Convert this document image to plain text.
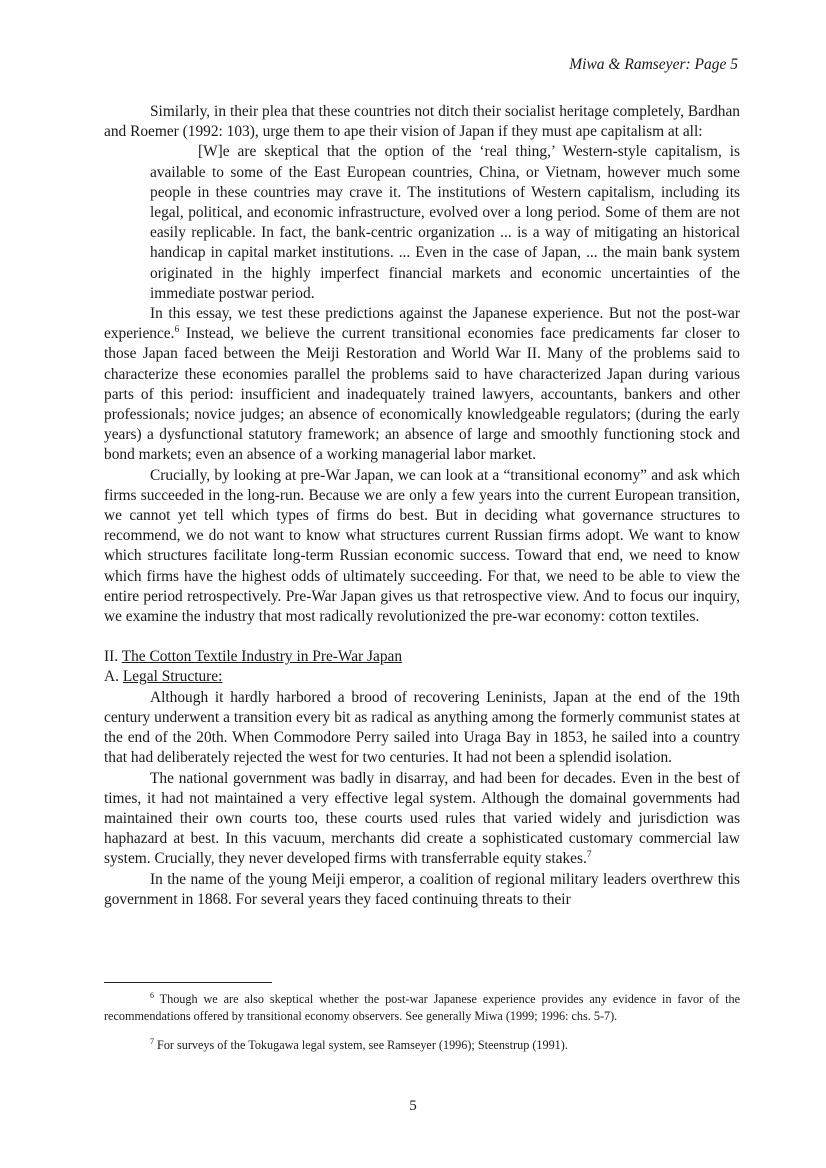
Miwa & Ramseyer: Page 5

Similarly, in their plea that these countries not ditch their socialist heritage completely, Bardhan and Roemer (1992: 103), urge them to ape their vision of Japan if they must ape capitalism at all:

[W]e are skeptical that the option of the ‘real thing,’ Western-style capitalism, is available to some of the East European countries, China, or Vietnam, however much some people in these countries may crave it. The institutions of Western capitalism, including its legal, political, and economic infrastructure, evolved over a long period. Some of them are not easily replicable. In fact, the bank-centric organization ... is a way of mitigating an historical handicap in capital market institutions. ... Even in the case of Japan, ... the main bank system originated in the highly imperfect financial markets and economic uncertainties of the immediate postwar period.

In this essay, we test these predictions against the Japanese experience. But not the post-war experience.$^6$ Instead, we believe the current transitional economies face predicaments far closer to those Japan faced between the Meiji Restoration and World War II. Many of the problems said to characterize these economies parallel the problems said to have characterized Japan during various parts of this period: insufficient and inadequately trained lawyers, accountants, bankers and other professionals; novice judges; an absence of economically knowledgeable regulators; (during the early years) a dysfunctional statutory framework; an absence of large and smoothly functioning stock and bond markets; even an absence of a working managerial labor market.

Crucially, by looking at pre-War Japan, we can look at a “transitional economy” and ask which firms succeeded in the long-run. Because we are only a few years into the current European transition, we cannot yet tell which types of firms do best. But in deciding what governance structures to recommend, we do not want to know what structures current Russian firms adopt. We want to know which structures facilitate long-term Russian economic success. Toward that end, we need to know which firms have the highest odds of ultimately succeeding. For that, we need to be able to view the entire period retrospectively. Pre-War Japan gives us that retrospective view. And to focus our inquiry, we examine the industry that most radically revolutionized the pre-war economy: cotton textiles.

II. The Cotton Textile Industry in Pre-War Japan
A. Legal Structure:

Although it hardly harbored a brood of recovering Leninists, Japan at the end of the 19th century underwent a transition every bit as radical as anything among the formerly communist states at the end of the 20th. When Commodore Perry sailed into Uraga Bay in 1853, he sailed into a country that had deliberately rejected the west for two centuries. It had not been a splendid isolation.

The national government was badly in disarray, and had been for decades. Even in the best of times, it had not maintained a very effective legal system. Although the domainal governments had maintained their own courts too, these courts used rules that varied widely and jurisdiction was haphazard at best. In this vacuum, merchants did create a sophisticated customary commercial law system. Crucially, they never developed firms with transferrable equity stakes.$^7$

In the name of the young Meiji emperor, a coalition of regional military leaders overthrew this government in 1868. For several years they faced continuing threats to their

$^6$ Though we are also skeptical whether the post-war Japanese experience provides any evidence in favor of the recommendations offered by transitional economy observers. See generally Miwa (1999; 1996: chs. 5-7).

$^7$ For surveys of the Tokugawa legal system, see Ramseyer (1996); Steenstrup (1991).

5
